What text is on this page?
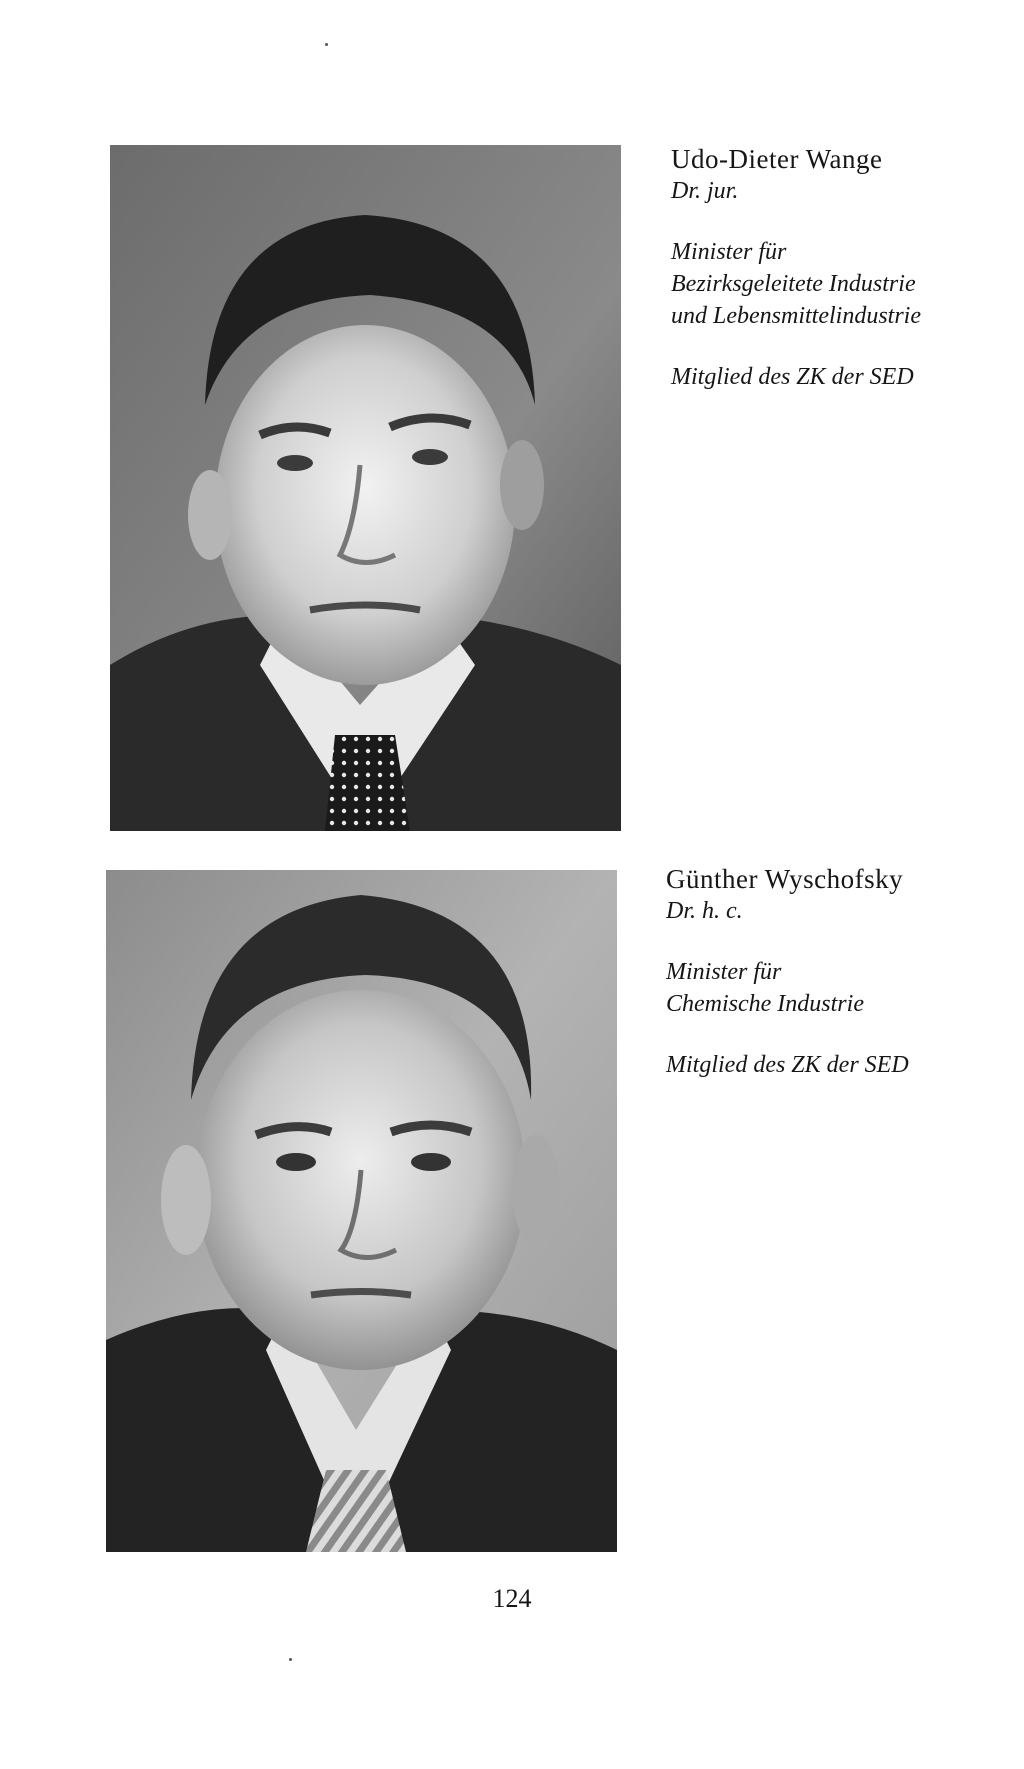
Udo-Dieter Wange

Dr. jur.

Minister für
Bezirksgeleitete Industrie
und Lebensmittelindustrie

Mitglied des ZK der SED

Günther Wyschofsky

Dr. h. c.

Minister für
Chemische Industrie

Mitglied des ZK der SED

124
